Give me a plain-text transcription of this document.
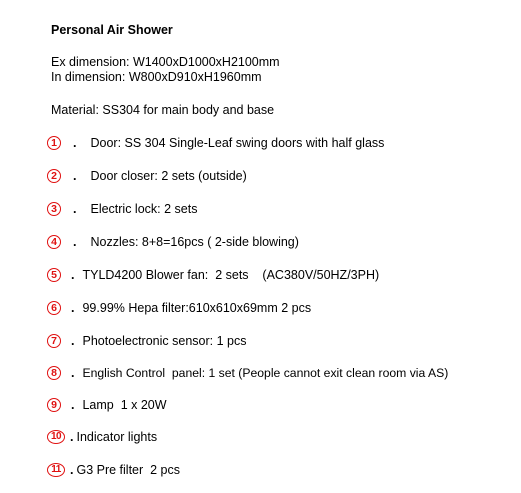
Personal Air Shower
Ex dimension: W1400xD1000xH2100mm
In dimension: W800xD910xH1960mm
Material: SS304 for main body and base
1	. Door: SS 304 Single-Leaf swing doors with half glass
2	. Door closer: 2 sets (outside)
3	. Electric lock: 2 sets
4	. Nozzles: 8+8=16pcs ( 2-side blowing)
5	. TYLD4200 Blower fan:  2 sets    (AC380V/50HZ/3PH)
6	. 99.99% Hepa filter:610x610x69mm 2 pcs
7	. Photoelectronic sensor: 1 pcs
8	. English Control  panel: 1 set (People cannot exit clean room via AS)
9	. Lamp  1 x 20W
10 . Indicator lights
11 . G3 Pre filter  2 pcs
